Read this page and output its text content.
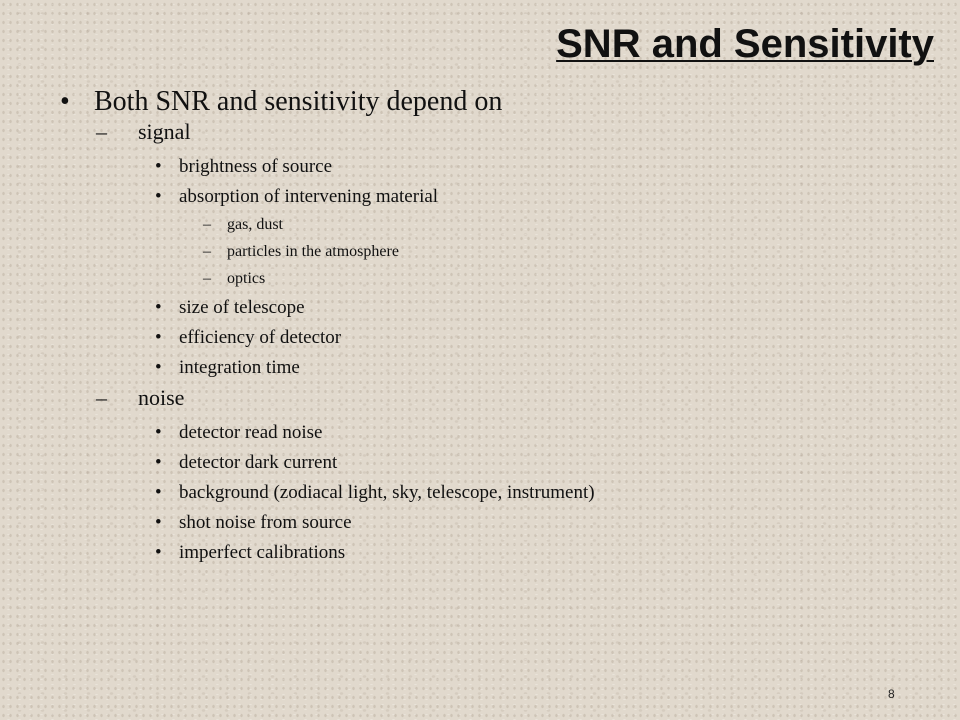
SNR and Sensitivity
• Both SNR and sensitivity depend on
– signal
• brightness of source
• absorption of intervening material
– gas, dust
– particles in the atmosphere
– optics
• size of telescope
• efficiency of detector
• integration time
– noise
• detector read noise
• detector dark current
• background (zodiacal light, sky, telescope, instrument)
• shot noise from source
• imperfect calibrations
8
